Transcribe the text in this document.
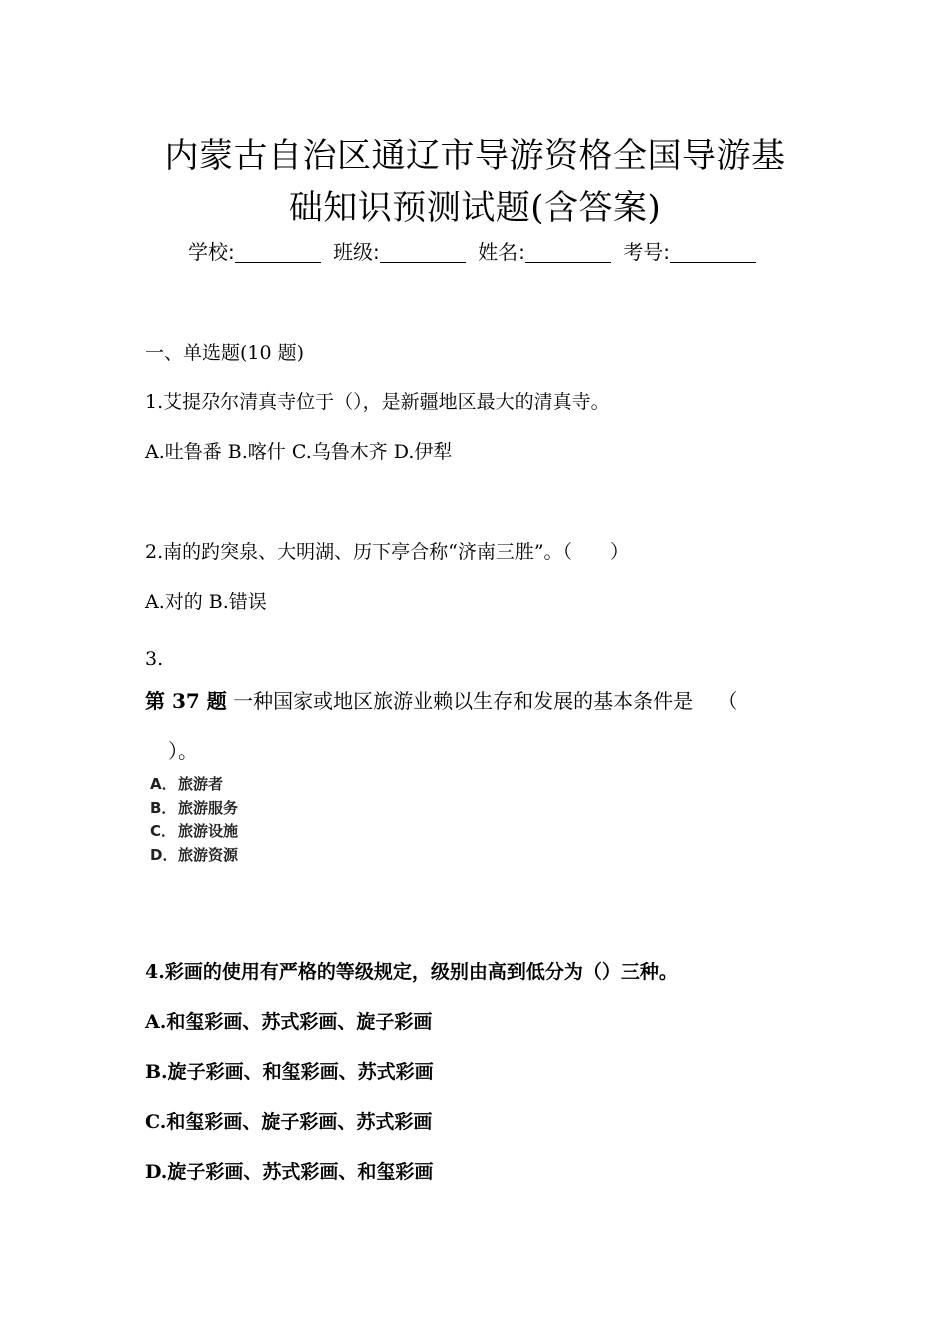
内蒙古自治区通辽市导游资格全国导游基
础知识预测试题(含答案)
学校:	班级:	姓名:	考号:
一、单选题(10 题)
1.艾提尕尔清真寺位于（），是新疆地区最大的清真寺。
A.吐鲁番 B.喀什 C.乌鲁木齐 D.伊犁
2.南的趵突泉、大明湖、历下亭合称“济南三胜”。（　　）
A.对的 B.错误
3.
第 37 题 一种国家或地区旅游业赖以生存和发展的基本条件是 （
）。
A．旅游者
B． 旅游服务
C． 旅游设施
D．旅游资源
4.彩画的使用有严格的等级规定，级别由高到低分为（）三种。
A.和玺彩画、苏式彩画、旋子彩画
B.旋子彩画、和玺彩画、苏式彩画
C.和玺彩画、旋子彩画、苏式彩画
D.旋子彩画、苏式彩画、和玺彩画
